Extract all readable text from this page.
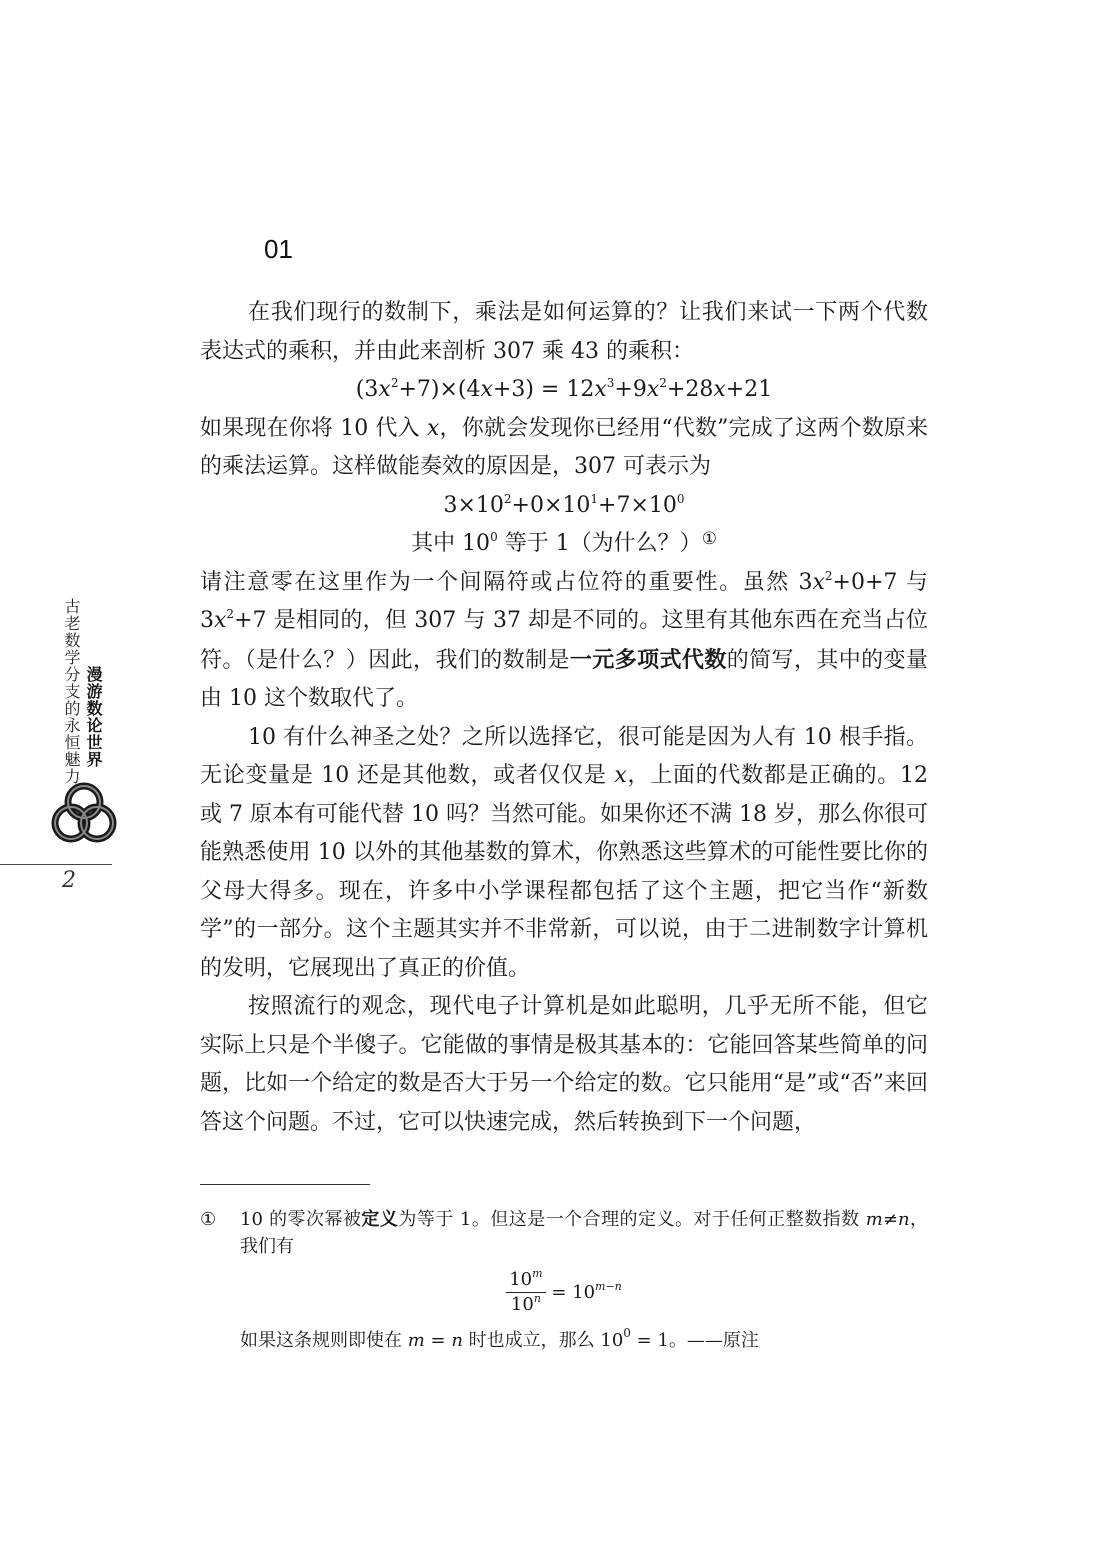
01

在我们现行的数制下，乘法是如何运算的？让我们来试一下两个代数表达式的乘积，并由此来剖析 307 乘 43 的乘积：

$(3x^2+7)\times(4x+3) = 12x^3+9x^2+28x+21$

如果现在你将 10 代入 x，你就会发现你已经用“代数”完成了这两个数原来的乘法运算。这样做能奏效的原因是，307 可表示为

$3\times 10^2+0\times 10^1+7\times 10^0$

其中 $10^0$ 等于 1（为什么？）①

请注意零在这里作为一个间隔符或占位符的重要性。虽然 $3x^2+0+7$ 与 $3x^2+7$ 是相同的，但 307 与 37 却是不同的。这里有其他东西在充当占位符。（是什么？）因此，我们的数制是一元多项式代数的简写，其中的变量由 10 这个数取代了。

10 有什么神圣之处？之所以选择它，很可能是因为人有 10 根手指。无论变量是 10 还是其他数，或者仅仅是 x，上面的代数都是正确的。12 或 7 原本有可能代替 10 吗？当然可能。如果你还不满 18 岁，那么你很可能熟悉使用 10 以外的其他基数的算术，你熟悉这些算术的可能性要比你的父母大得多。现在，许多中小学课程都包括了这个主题，把它当作“新数学”的一部分。这个主题其实并不非常新，可以说，由于二进制数字计算机的发明，它展现出了真正的价值。

按照流行的观念，现代电子计算机是如此聪明，几乎无所不能，但它实际上只是个半傻子。它能做的事情是极其基本的：它能回答某些简单的问题，比如一个给定的数是否大于另一个给定的数。它只能用“是”或“否”来回答这个问题。不过，它可以快速完成，然后转换到下一个问题，

古老数学分支的永恒魅力 漫游数论世界
2

① 10 的零次幂被定义为等于 1。但这是一个合理的定义。对于任何正整数指数 m≠n，我们有

$\frac{10^m}{10^n} = 10^{m-n}$

如果这条规则即使在 m = n 时也成立，那么 $10^0 = 1$。——原注
